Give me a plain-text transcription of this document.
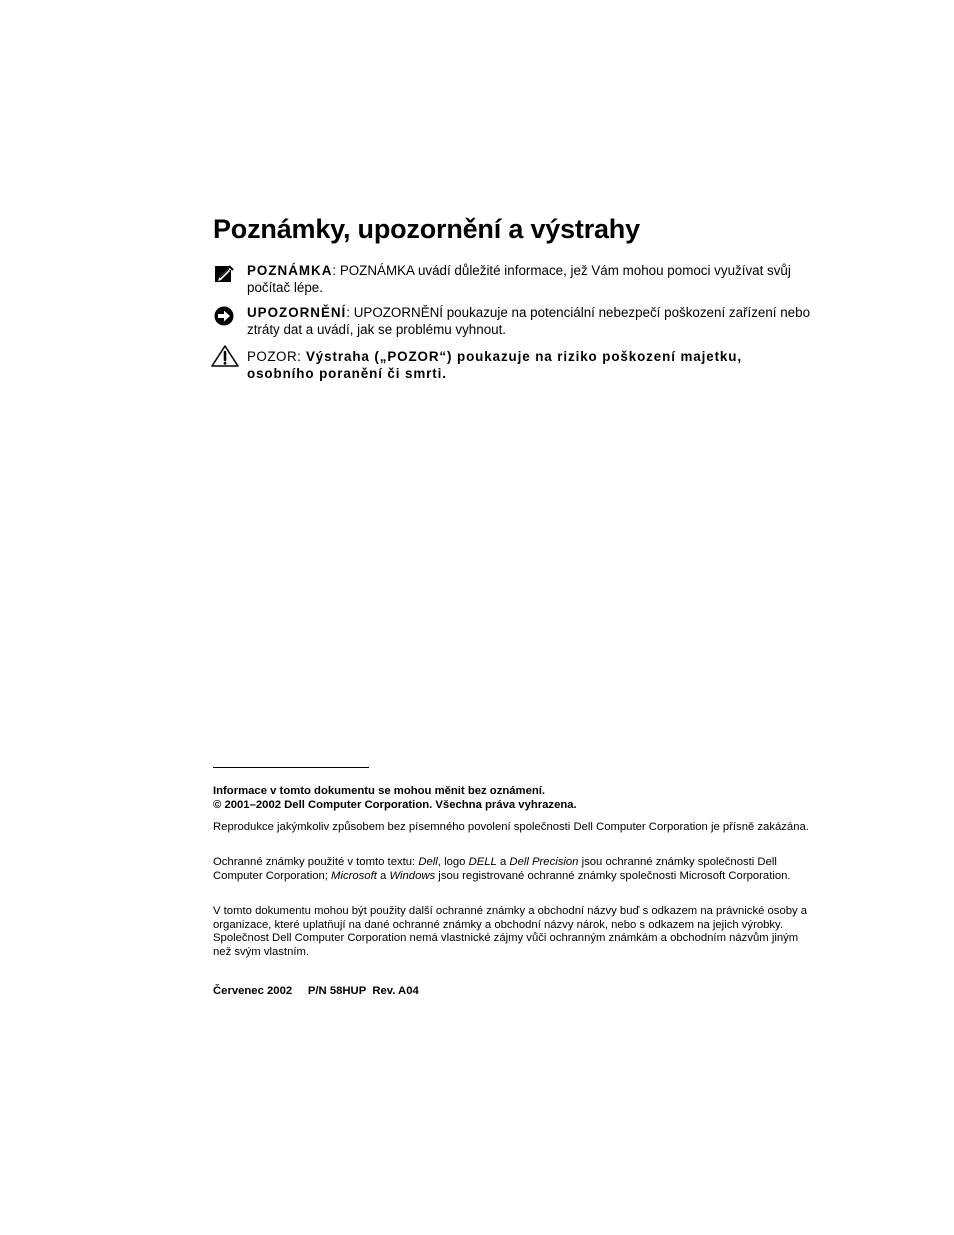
Poznámky, upozornění a výstrahy
POZNÁMKA: POZNÁMKA uvádí důležité informace, jež Vám mohou pomoci využívat svůj počítač lépe.
UPOZORNĚNÍ: UPOZORNĚNÍ poukazuje na potenciální nebezpečí poškození zařízení nebo ztráty dat a uvádí, jak se problému vyhnout.
POZOR: Výstraha („POZOR“) poukazuje na riziko poškození majetku, osobního poranění či smrti.
Informace v tomto dokumentu se mohou měnit bez oznámení.
© 2001–2002 Dell Computer Corporation. Všechna práva vyhrazena.
Reprodukce jakýmkoliv způsobem bez písemného povolení společnosti Dell Computer Corporation je přísně zakázána.
Ochranné známky použité v tomto textu: Dell, logo DELL a Dell Precision jsou ochranné známky společnosti Dell Computer Corporation; Microsoft a Windows jsou registrované ochranné známky společnosti Microsoft Corporation.
V tomto dokumentu mohou být použity další ochranné známky a obchodní názvy buď s odkazem na právnické osoby a organizace, které uplatňují na dané ochranné známky a obchodní názvy nárok, nebo s odkazem na jejich výrobky. Společnost Dell Computer Corporation nemá vlastnické zájmy vůči ochranným známkám a obchodním názvům jiným než svým vlastním.
Červenec 2002 P/N 58HUP Rev. A04
